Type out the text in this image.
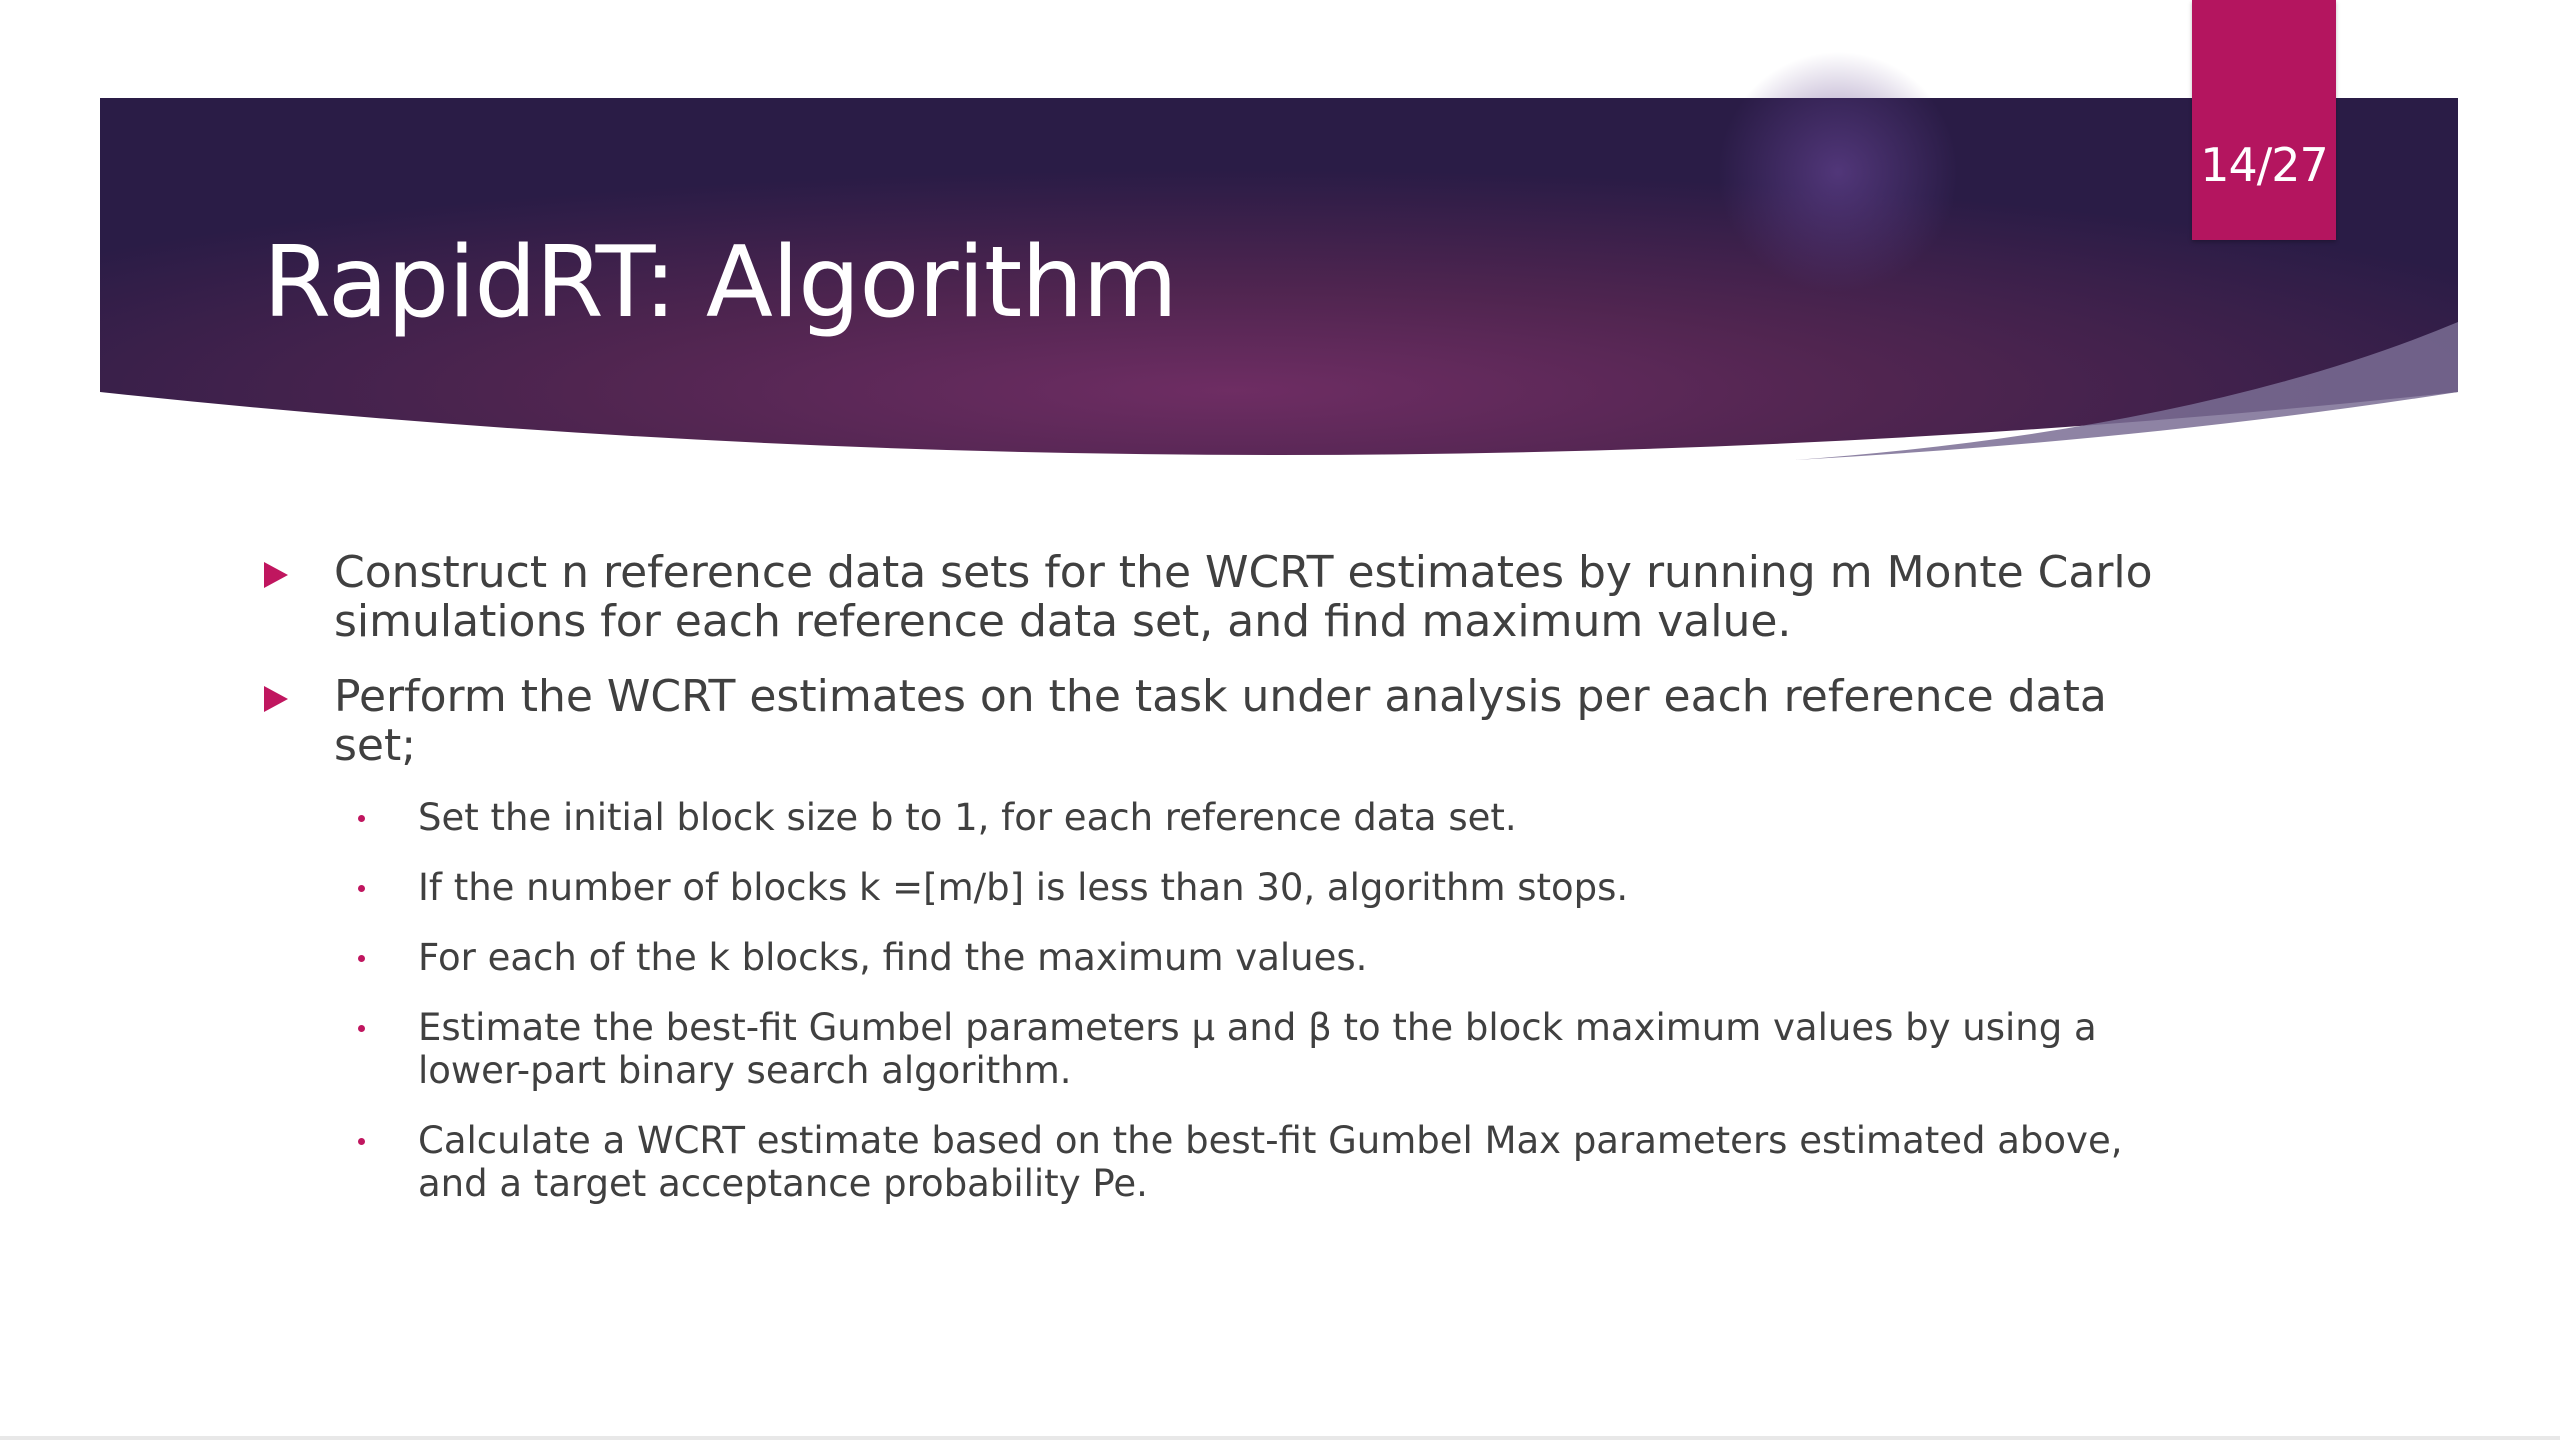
14/27
RapidRT: Algorithm
Construct n reference data sets for the WCRT estimates by running m Monte Carlo simulations for each reference data set, and find maximum value.
Perform the WCRT estimates on the task under analysis per each reference data set;
Set the initial block size b to 1, for each reference data set.
If the number of blocks k =[m/b] is less than 30, algorithm stops.
For each of the k blocks, find the maximum values.
Estimate the best-fit Gumbel parameters μ and β to the block maximum values by using a lower-part binary search algorithm.
Calculate a WCRT estimate based on the best-fit Gumbel Max parameters estimated above, and a target acceptance probability Pe.
